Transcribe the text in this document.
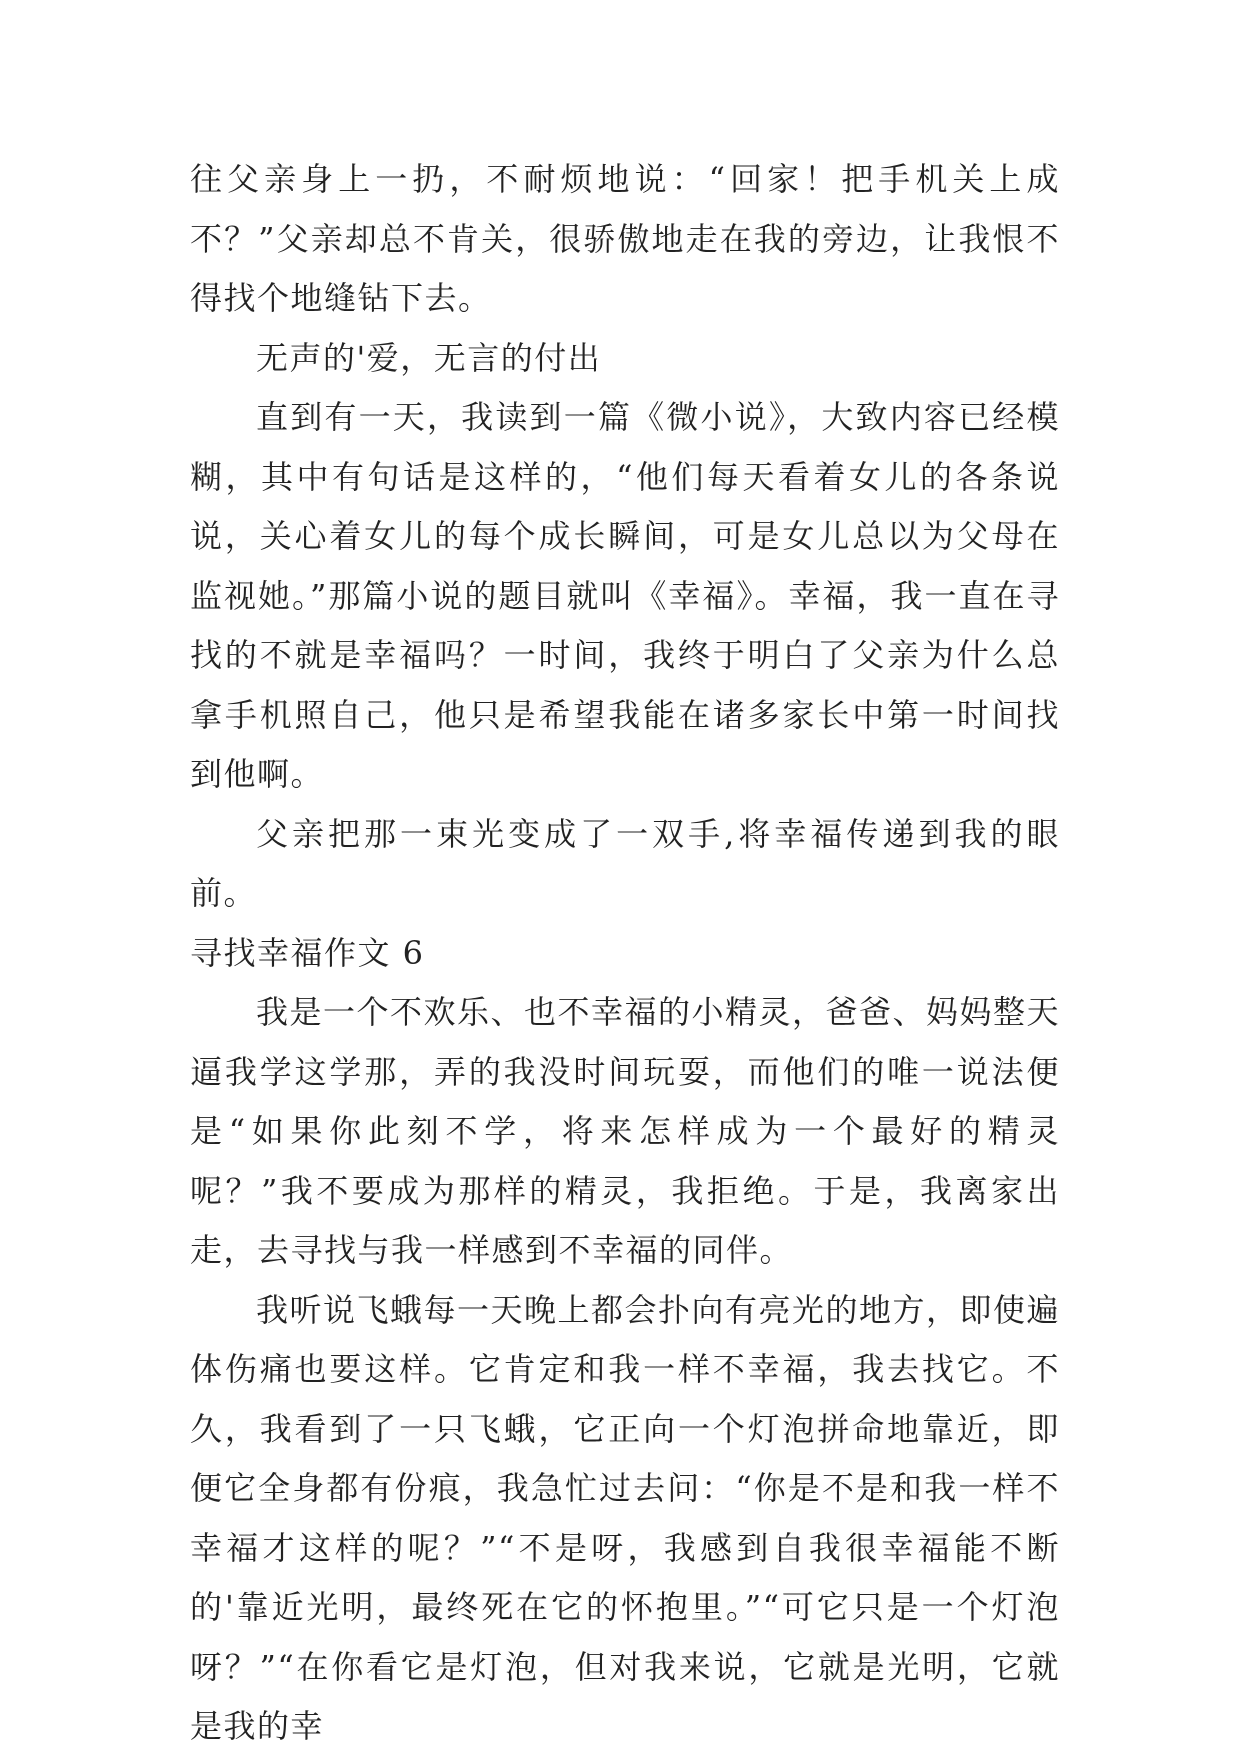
往父亲身上一扔，不耐烦地说：“回家！把手机关上成不？”父亲却总不肯关，很骄傲地走在我的旁边，让我恨不得找个地缝钻下去。

无声的'爱，无言的付出

直到有一天，我读到一篇《微小说》，大致内容已经模糊，其中有句话是这样的，“他们每天看着女儿的各条说说，关心着女儿的每个成长瞬间，可是女儿总以为父母在监视她。”那篇小说的题目就叫《幸福》。幸福，我一直在寻找的不就是幸福吗？一时间，我终于明白了父亲为什么总拿手机照自己，他只是希望我能在诸多家长中第一时间找到他啊。

父亲把那一束光变成了一双手,将幸福传递到我的眼前。

寻找幸福作文 6

我是一个不欢乐、也不幸福的小精灵，爸爸、妈妈整天逼我学这学那，弄的我没时间玩耍，而他们的唯一说法便是“如果你此刻不学，将来怎样成为一个最好的精灵呢？”我不要成为那样的精灵，我拒绝。于是，我离家出走，去寻找与我一样感到不幸福的同伴。

我听说飞蛾每一天晚上都会扑向有亮光的地方，即使遍体伤痛也要这样。它肯定和我一样不幸福，我去找它。不久，我看到了一只飞蛾，它正向一个灯泡拼命地靠近，即便它全身都有份痕，我急忙过去问：“你是不是和我一样不幸福才这样的呢？”“不是呀，我感到自我很幸福能不断的'靠近光明，最终死在它的怀抱里。”“可它只是一个灯泡呀？”“在你看它是灯泡，但对我来说，它就是光明，它就是我的幸
